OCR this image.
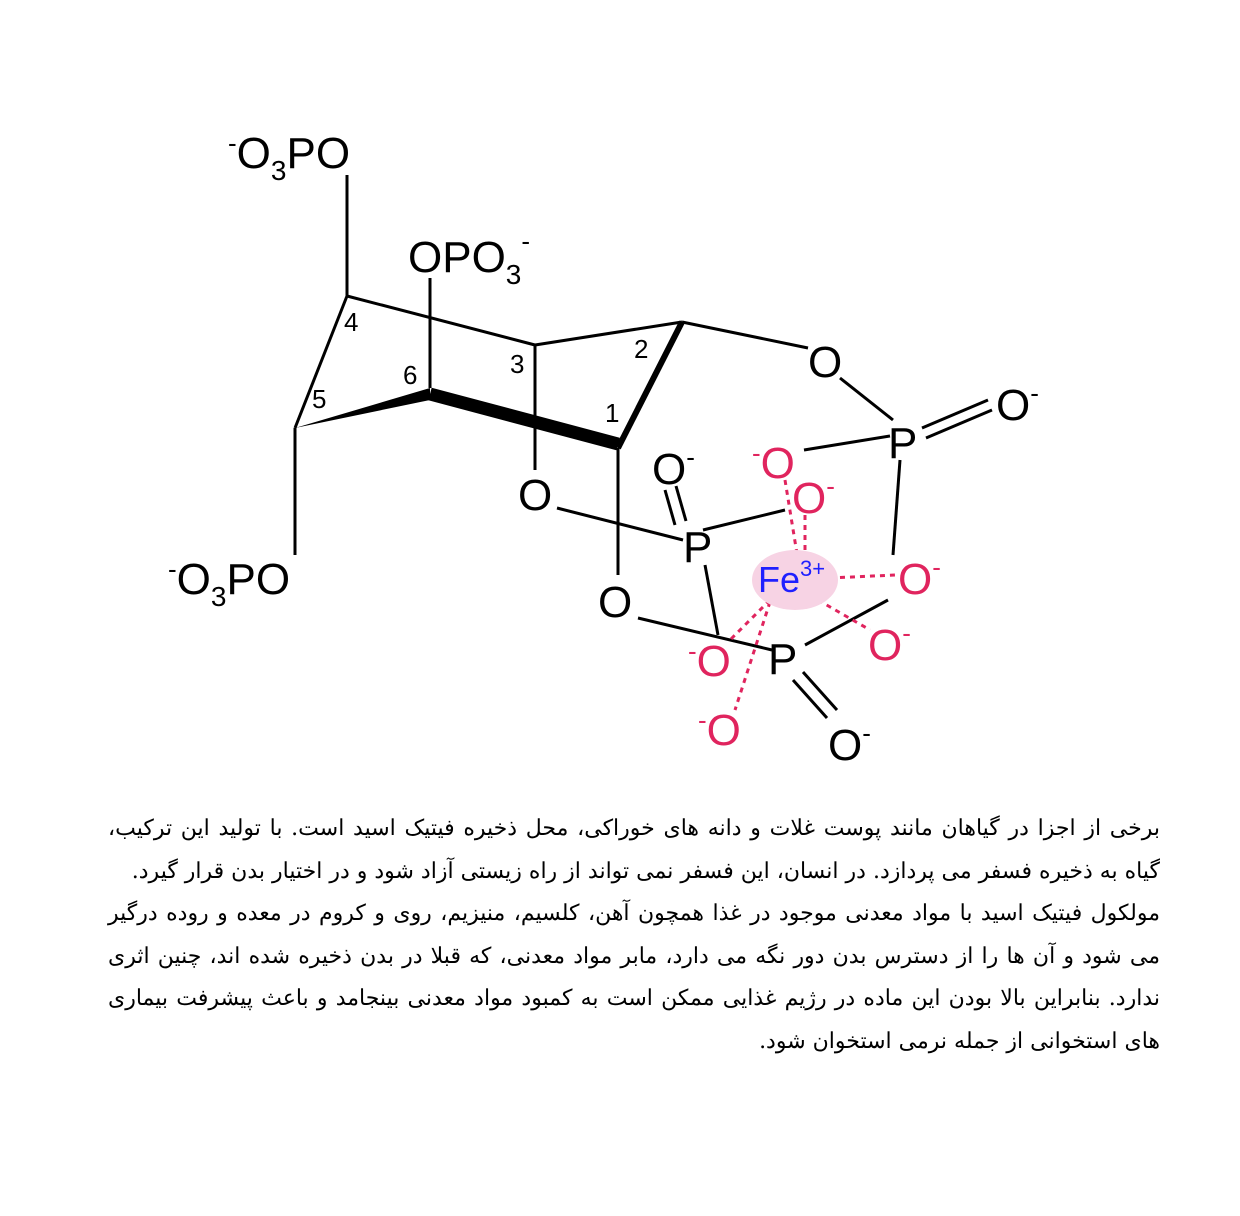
$^-O_3PO$
$OPO_3^-$
$^-O_3PO$
4
5
6	3	2
1
O
O
O
P
P
P
O-
O-
O-
-O
O-
O-
O-
-O
-O
$Fe^{3+}$

برخی از اجزا در گیاهان مانند پوست غلات و دانه های خوراکی، محل ذخیره فیتیک اسید است. با تولید این ترکیب، گیاه به ذخیره فسفر می پردازد. در انسان، این فسفر نمی تواند از راه زیستی آزاد شود و در اختیار بدن قرار گیرد.

مولکول فیتیک اسید با مواد معدنی موجود در غذا همچون آهن، کلسیم، منیزیم، روی و کروم در معده و روده درگیر می شود و آن ها را از دسترس بدن دور نگه می دارد، مابر مواد معدنی، که قبلا در بدن ذخیره شده اند، چنین اثری ندارد. بنابراین بالا بودن این ماده در رژیم غذایی ممکن است به کمبود مواد معدنی بینجامد و باعث پیشرفت بیماری های استخوانی از جمله نرمی استخوان شود.
